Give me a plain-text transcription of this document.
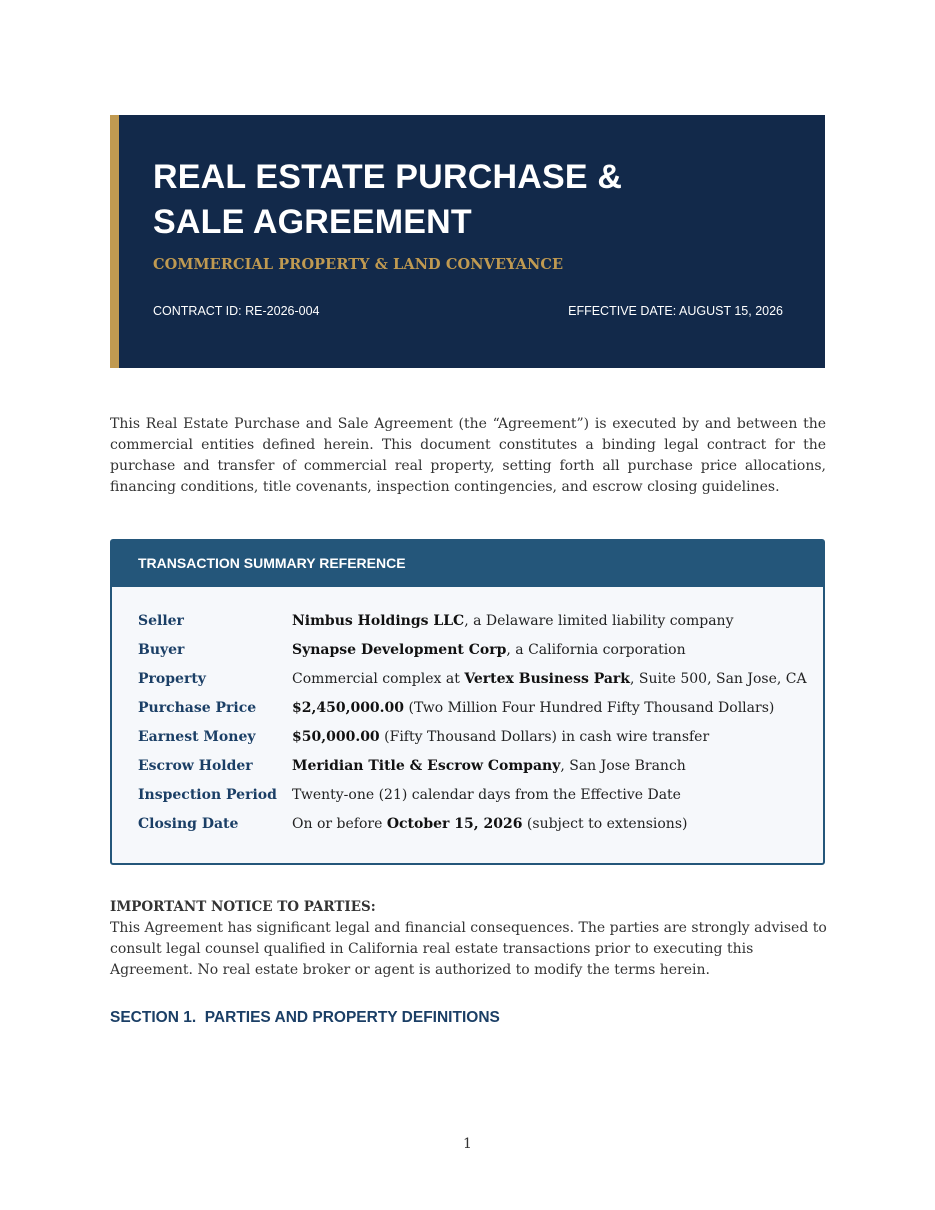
REAL ESTATE PURCHASE &
SALE AGREEMENT

COMMERCIAL PROPERTY & LAND CONVEYANCE

CONTRACT ID: RE-2026-004	EFFECTIVE DATE: AUGUST 15, 2026

This Real Estate Purchase and Sale Agreement (the “Agreement”) is executed by and between the commercial entities defined herein. This document constitutes a binding legal contract for the purchase and transfer of commercial real property, setting forth all purchase price allocations, financing conditions, title covenants, inspection contingencies, and escrow closing guidelines.

TRANSACTION SUMMARY REFERENCE

Seller	Nimbus Holdings LLC, a Delaware limited liability company

Buyer	Synapse Development Corp, a California corporation

Property	Commercial complex at Vertex Business Park, Suite 500, San Jose, CA

Purchase Price	$2,450,000.00 (Two Million Four Hundred Fifty Thousand Dollars)

Earnest Money	$50,000.00 (Fifty Thousand Dollars) in cash wire transfer

Escrow Holder	Meridian Title & Escrow Company, San Jose Branch

Inspection Period Twenty-one (21) calendar days from the Effective Date

Closing Date	On or before October 15, 2026 (subject to extensions)

IMPORTANT NOTICE TO PARTIES:

This Agreement has significant legal and financial consequences. The parties are strongly advised to consult legal counsel qualified in California real estate transactions prior to executing this Agreement. No real estate broker or agent is authorized to modify the terms herein.

SECTION 1.  PARTIES AND PROPERTY DEFINITIONS

1
